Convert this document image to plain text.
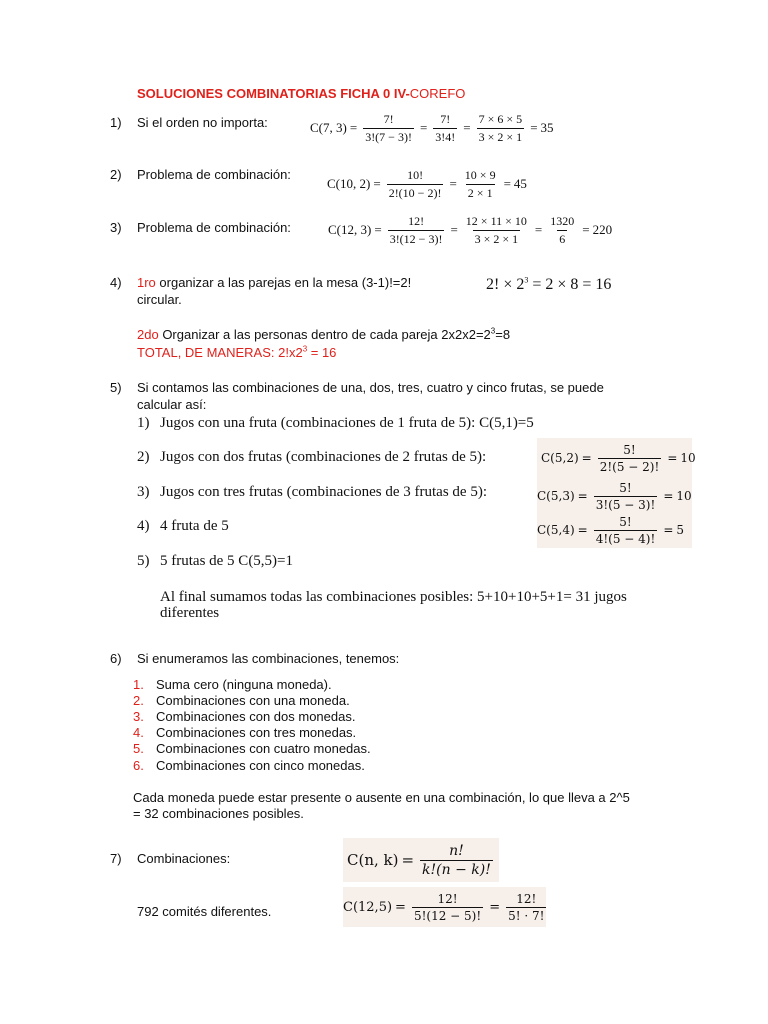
SOLUCIONES COMBINATORIAS FICHA 0 IV-COREFO
1) Si el orden no importa:	C(7, $3) = \frac{7!}{3!(7 - 3)!} = \frac{7!}{3!4!} = \frac{7 \times 6 \times 5}{3 \times 2 \times 1} = 35$
2) Problema de combinación:
C(10, $2) = \frac{10!}{2!(10 - 2)!} = \frac{10 \times 9}{2 \times 1} = 45$
3) Problema de combinación:	C(12, $3) = \frac{12!}{3!(12 - 3)!} = \frac{12 \times 11 \times 10}{3 \times 2 \times 1} = \frac{1320}{6} = 220$
4) 1ro organizar a las parejas en la mesa (3-1)!=2!
circular.
2! × $2^3 = 2 \times 8 = 16$
2do Organizar a las personas dentro de cada pareja $2x2x2=2^3=8$
TOTAL, DE MANERAS: $2!x2^3 = 16$
5) Si contamos las combinaciones de una, dos, tres, cuatro y cinco frutas, se puede
calcular así:
1) Jugos con una fruta (combinaciones de 1 fruta de 5): C(5,1)=5
2) Jugos con dos frutas (combinaciones de 2 frutas de 5):
3) Jugos con tres frutas (combinaciones de 3 frutas de 5):
4) 4 fruta de 5
5) 5 frutas de 5 C(5,5)=1
Al final sumamos todas las combinaciones posibles: 5+10+10+5+1= 31 jugos
diferentes
$C(5,2) = \frac{5!}{2!(5 - 2)!} = 10$
$C(5,3) = \frac{5!}{3!(5 - 3)!} = 10$
$C(5,4) = \frac{5!}{4!(5 - 4)!} = 5$
6) Si enumeramos las combinaciones, tenemos:
1. Suma cero (ninguna moneda).
2. Combinaciones con una moneda.
3. Combinaciones con dos monedas.
4. Combinaciones con tres monedas.
5. Combinaciones con cuatro monedas.
6. Combinaciones con cinco monedas.
Cada moneda puede estar presente o ausente en una combinación, lo que lleva a 2^5
= 32 combinaciones posibles.
7) Combinaciones:	C(n, $k) = \frac{n!}{k!(n - k)!}$
792 comités diferentes.	$C(12,5) = \frac{12!}{5!(12 - 5)!} = \frac{12!}{5! \cdot 7!}$
